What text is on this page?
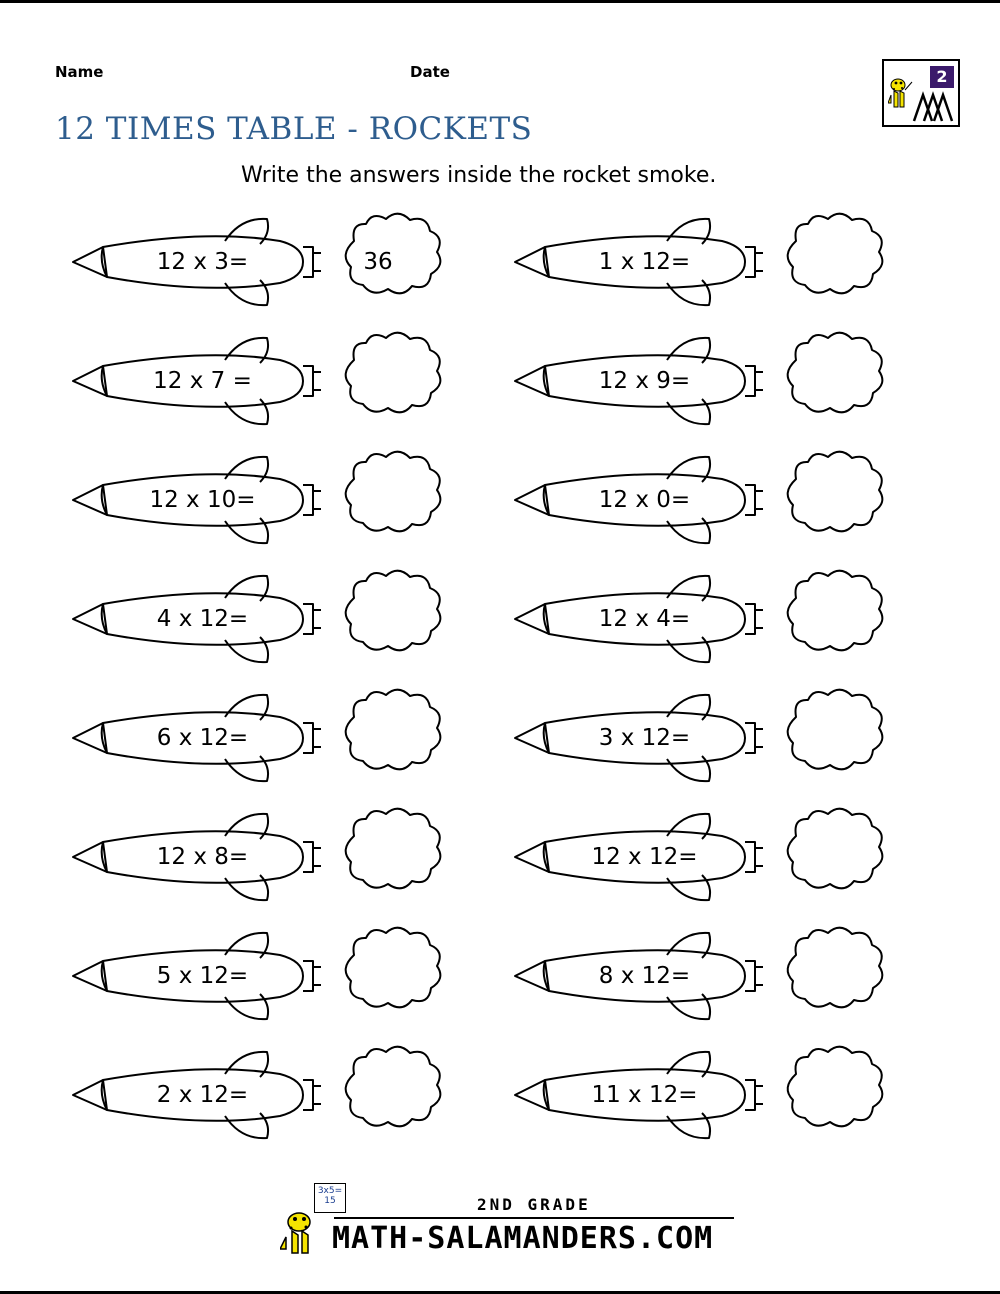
Name	Date
12 TIMES TABLE - ROCKETS
Write the answers inside the rocket smoke.
2
12 x 3=	36
12 x 7 =
12 x 10=
4 x 12=
6 x 12=
12 x 8=
5 x 12=
2 x 12=
1 x 12=
12 x 9=
12 x 0=
12 x 4=
3 x 12=
12 x 12=
8 x 12=
11 x 12=
3x5=
15	2ND GRADE
MATH-SALAMANDERS.COM
